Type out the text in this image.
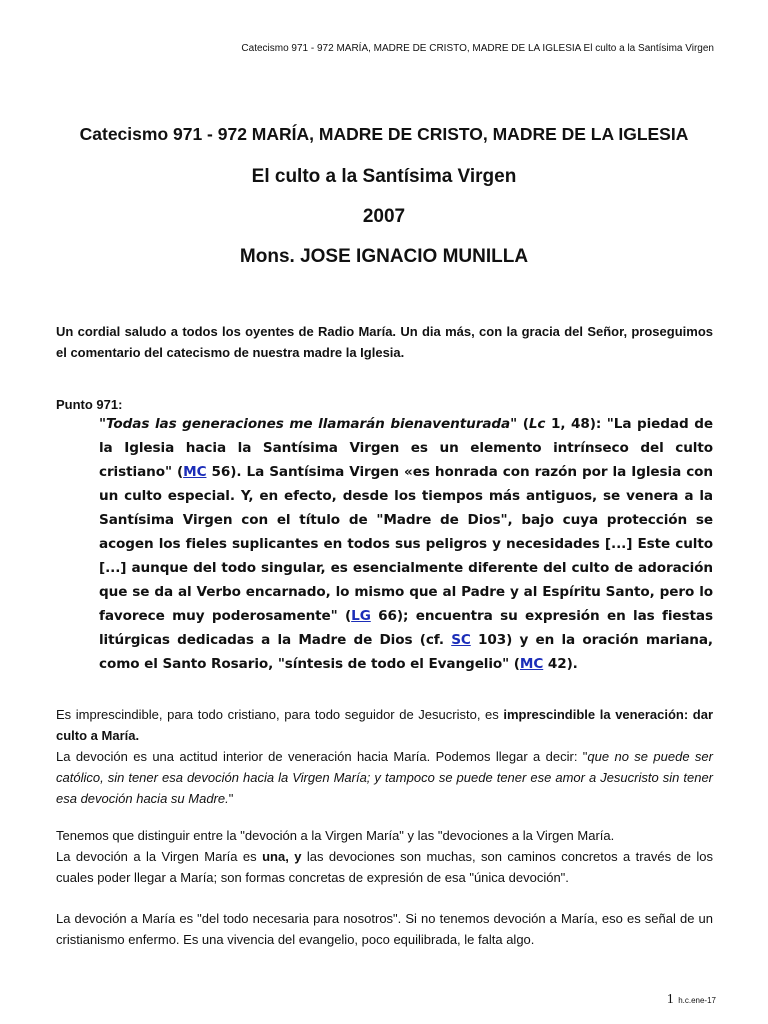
Catecismo 971 - 972 MARÍA, MADRE DE CRISTO, MADRE DE LA IGLESIA El culto a la Santísima Virgen

Catecismo 971 - 972 MARÍA, MADRE DE CRISTO, MADRE DE LA IGLESIA

El culto a la Santísima Virgen

2007

Mons. JOSE IGNACIO MUNILLA

Un cordial saludo a todos los oyentes de Radio María. Un dia más, con la gracia del Señor, proseguimos el comentario del catecismo de nuestra madre la Iglesia.

Punto 971:

"Todas las generaciones me llamarán bienaventurada" (Lc 1, 48): "La piedad de la Iglesia hacia la Santísima Virgen es un elemento intrínseco del culto cristiano" (MC 56). La Santísima Virgen «es honrada con razón por la Iglesia con un culto especial. Y, en efecto, desde los tiempos más antiguos, se venera a la Santísima Virgen con el título de "Madre de Dios", bajo cuya protección se acogen los fieles suplicantes en todos sus peligros y necesidades [...] Este culto [...] aunque del todo singular, es esencialmente diferente del culto de adoración que se da al Verbo encarnado, lo mismo que al Padre y al Espíritu Santo, pero lo favorece muy poderosamente" (LG 66); encuentra su expresión en las fiestas litúrgicas dedicadas a la Madre de Dios (cf. SC 103) y en la oración mariana, como el Santo Rosario, "síntesis de todo el Evangelio" (MC 42).

Es imprescindible, para todo cristiano, para todo seguidor de Jesucristo, es imprescindible la veneración: dar culto a María.

La devoción es una actitud interior de veneración hacia María. Podemos llegar a decir: "que no se puede ser católico, sin tener esa devoción hacia la Virgen María; y tampoco se puede tener ese amor a Jesucristo sin tener esa devoción hacia su Madre."

Tenemos que distinguir entre la "devoción a la Virgen María" y las "devociones a la Virgen María.

La devoción a la Virgen María es una, y las devociones son muchas, son caminos concretos a través de los cuales poder llegar a María; son formas concretas de expresión de esa "única devoción".

La devoción a María es "del todo necesaria para nosotros". Si no tenemos devoción a María, eso es señal de un cristianismo enfermo. Es una vivencia del evangelio, poco equilibrada, le falta algo.

1 h.c.ene-17
